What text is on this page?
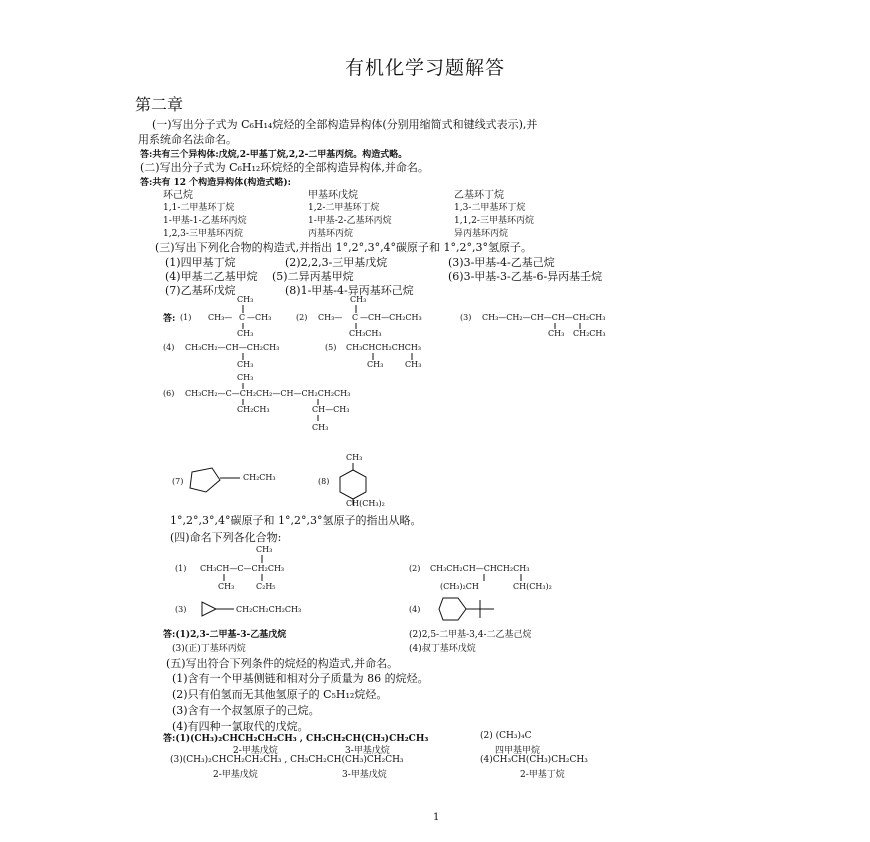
有机化学习题解答
第二章
(一)写出分子式为 C₆H₁₄烷烃的全部构造异构体(分别用缩简式和键线式表示),并
用系统命名法命名。
答:共有三个异构体:戊烷,2-甲基丁烷,2,2-二甲基丙烷。构造式略。
(二)写出分子式为 C₆H₁₂环烷烃的全部构造异构体,并命名。
答:共有 12 个构造异构体(构造式略):
环己烷	甲基环戊烷	乙基环丁烷
1,1-二甲基环丁烷	1,2-二甲基环丁烷	1,3-二甲基环丁烷
1-甲基-1-乙基环丙烷	1-甲基-2-乙基环丙烷	1,1,2-三甲基环丙烷
1,2,3-三甲基环丙烷	丙基环丙烷	异丙基环丙烷
(三)写出下列化合物的构造式,并指出 1°,2°,3°,4°碳原子和 1°,2°,3°氢原子。
(1)四甲基丁烷	(2)2,2,3-三甲基戊烷	(3)3-甲基-4-乙基己烷
(4)甲基二乙基甲烷 (5)二异丙基甲烷	(6)3-甲基-3-乙基-6-异丙基壬烷
(7)乙基环戊烷	(8)1-甲基-4-异丙基环己烷
答: (1) CH₃—
CH₃
C —CH₃
CH₃
(2) CH₃—
CH₃
C —CH—CH₂CH₃
CH₃CH₃
(3) CH₃—CH₂—CH—CH—CH₂CH₃
CH₃ CH₂CH₃
(4) CH₃CH₂—CH—CH₂CH₃
CH₃
(5) CH₃CHCH₂CHCH₃
CH₃	CH₃
(6)
CH₃
CH₃CH₂—C—CH₂CH₂—CH—CH₂CH₂CH₃
CH₂CH₃	CH—CH₃
CH₃
(7)	CH₂CH₃	(8)
CH₃
CH(CH₃)₂
(1)
CH₃
CH₃CH—C—CH₂CH₃
CH₃	C₂H₅
(2) CH₃CH₂CH—CHCH₂CH₃
(CH₃)₂CH	CH(CH₃)₂
(3)	CH₂CH₂CH₂CH₃	(4)
1°,2°,3°,4°碳原子和 1°,2°,3°氢原子的指出从略。
(四)命名下列各化合物:
答:(1)2,3-二甲基-3-乙基戊烷	(2)2,5-二甲基-3,4-二乙基己烷
(3)(正)丁基环丙烷	(4)叔丁基环戊烷
(五)写出符合下列条件的烷烃的构造式,并命名。
(1)含有一个甲基侧链和相对分子质量为 86 的烷烃。
(2)只有伯氢而无其他氢原子的 C₅H₁₂烷烃。
(3)含有一个叔氢原子的己烷。
(4)有四种一氯取代的戊烷。
答:(1)(CH₃)₂CHCH₂CH₂CH₃ , CH₃CH₂CH(CH₃)CH₂CH₃
2-甲基戊烷	3-甲基戊烷
(2) (CH₃)₄C
四甲基甲烷
(3)(CH₃)₂CHCH₂CH₂CH₃ , CH₃CH₂CH(CH₃)CH₂CH₃
2-甲基戊烷	3-甲基戊烷
(4)CH₃CH(CH₃)CH₂CH₃
2-甲基丁烷
1
